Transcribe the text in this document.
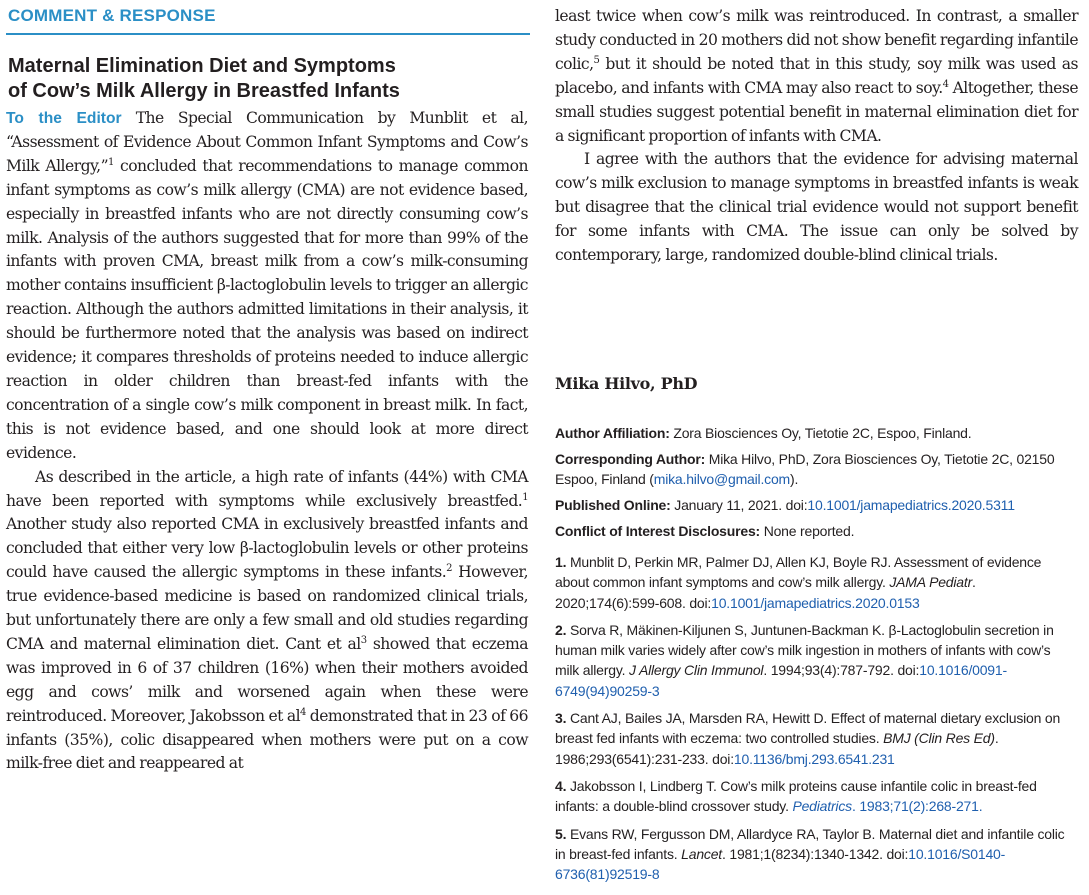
COMMENT & RESPONSE
Maternal Elimination Diet and Symptoms
of Cow’s Milk Allergy in Breastfed Infants

To the Editor The Special Communication by Munblit et al, “Assessment of Evidence About Common Infant Symptoms and Cow’s Milk Allergy,”$^1$ concluded that recommendations to manage common infant symptoms as cow’s milk allergy (CMA) are not evidence based, especially in breastfed infants who are not directly consuming cow’s milk. Analysis of the authors suggested that for more than 99% of the infants with proven CMA, breast milk from a cow’s milk-consuming mother contains insufficient β-lactoglobulin levels to trigger an allergic reaction. Although the authors admitted limitations in their analysis, it should be furthermore noted that the analysis was based on indirect evidence; it compares thresholds of proteins needed to induce allergic reaction in older children than breast-fed infants with the concentration of a single cow’s milk component in breast milk. In fact, this is not evidence based, and one should look at more direct evidence.

As described in the article, a high rate of infants (44%) with CMA have been reported with symptoms while exclusively breastfed.$^1$ Another study also reported CMA in exclusively breastfed infants and concluded that either very low β-lactoglobulin levels or other proteins could have caused the allergic symptoms in these infants.$^2$ However, true evidence-based medicine is based on randomized clinical trials, but unfortunately there are only a few small and old studies regarding CMA and maternal elimination diet. Cant et $al^3$ showed that eczema was improved in 6 of 37 children (16%) when their mothers avoided egg and cows’ milk and worsened again when these were reintroduced. Moreover, Jakobsson et $al^4$ demonstrated that in 23 of 66 infants (35%), colic disappeared when mothers were put on a cow milk-free diet and reappeared at

least twice when cow’s milk was reintroduced. In contrast, a smaller study conducted in 20 mothers did not show benefit regarding infantile colic,$^5$ but it should be noted that in this study, soy milk was used as placebo, and infants with CMA may also react to soy.$^4$ Altogether, these small studies suggest potential benefit in maternal elimination diet for a significant proportion of infants with CMA.

I agree with the authors that the evidence for advising maternal cow’s milk exclusion to manage symptoms in breastfed infants is weak but disagree that the clinical trial evidence would not support benefit for some infants with CMA. The issue can only be solved by contemporary, large, randomized double-blind clinical trials.

Mika Hilvo, PhD
Author Affiliation: Zora Biosciences Oy, Tietotie 2C, Espoo, Finland.
Corresponding Author: Mika Hilvo, PhD, Zora Biosciences Oy, Tietotie 2C, 02150 Espoo, Finland (mika.hilvo@gmail.com).
Published Online: January 11, 2021. doi:10.1001/jamapediatrics.2020.5311
Conflict of Interest Disclosures: None reported.
1. Munblit D, Perkin MR, Palmer DJ, Allen KJ, Boyle RJ. Assessment of evidence about common infant symptoms and cow’s milk allergy. JAMA Pediatr. 2020;174(6):599-608. doi:10.1001/jamapediatrics.2020.0153
2. Sorva R, Mäkinen-Kiljunen S, Juntunen-Backman K. β-Lactoglobulin secretion in human milk varies widely after cow’s milk ingestion in mothers of infants with cow’s milk allergy. J Allergy Clin Immunol. 1994;93(4):787-792. doi:10.1016/0091-6749(94)90259-3
3. Cant AJ, Bailes JA, Marsden RA, Hewitt D. Effect of maternal dietary exclusion on breast fed infants with eczema: two controlled studies. BMJ (Clin Res Ed). 1986;293(6541):231-233. doi:10.1136/bmj.293.6541.231
4. Jakobsson I, Lindberg T. Cow’s milk proteins cause infantile colic in breast-fed infants: a double-blind crossover study. Pediatrics. 1983;71(2):268-271.
5. Evans RW, Fergusson DM, Allardyce RA, Taylor B. Maternal diet and infantile colic in breast-fed infants. Lancet. 1981;1(8234):1340-1342. doi:10.1016/S0140-6736(81)92519-8
